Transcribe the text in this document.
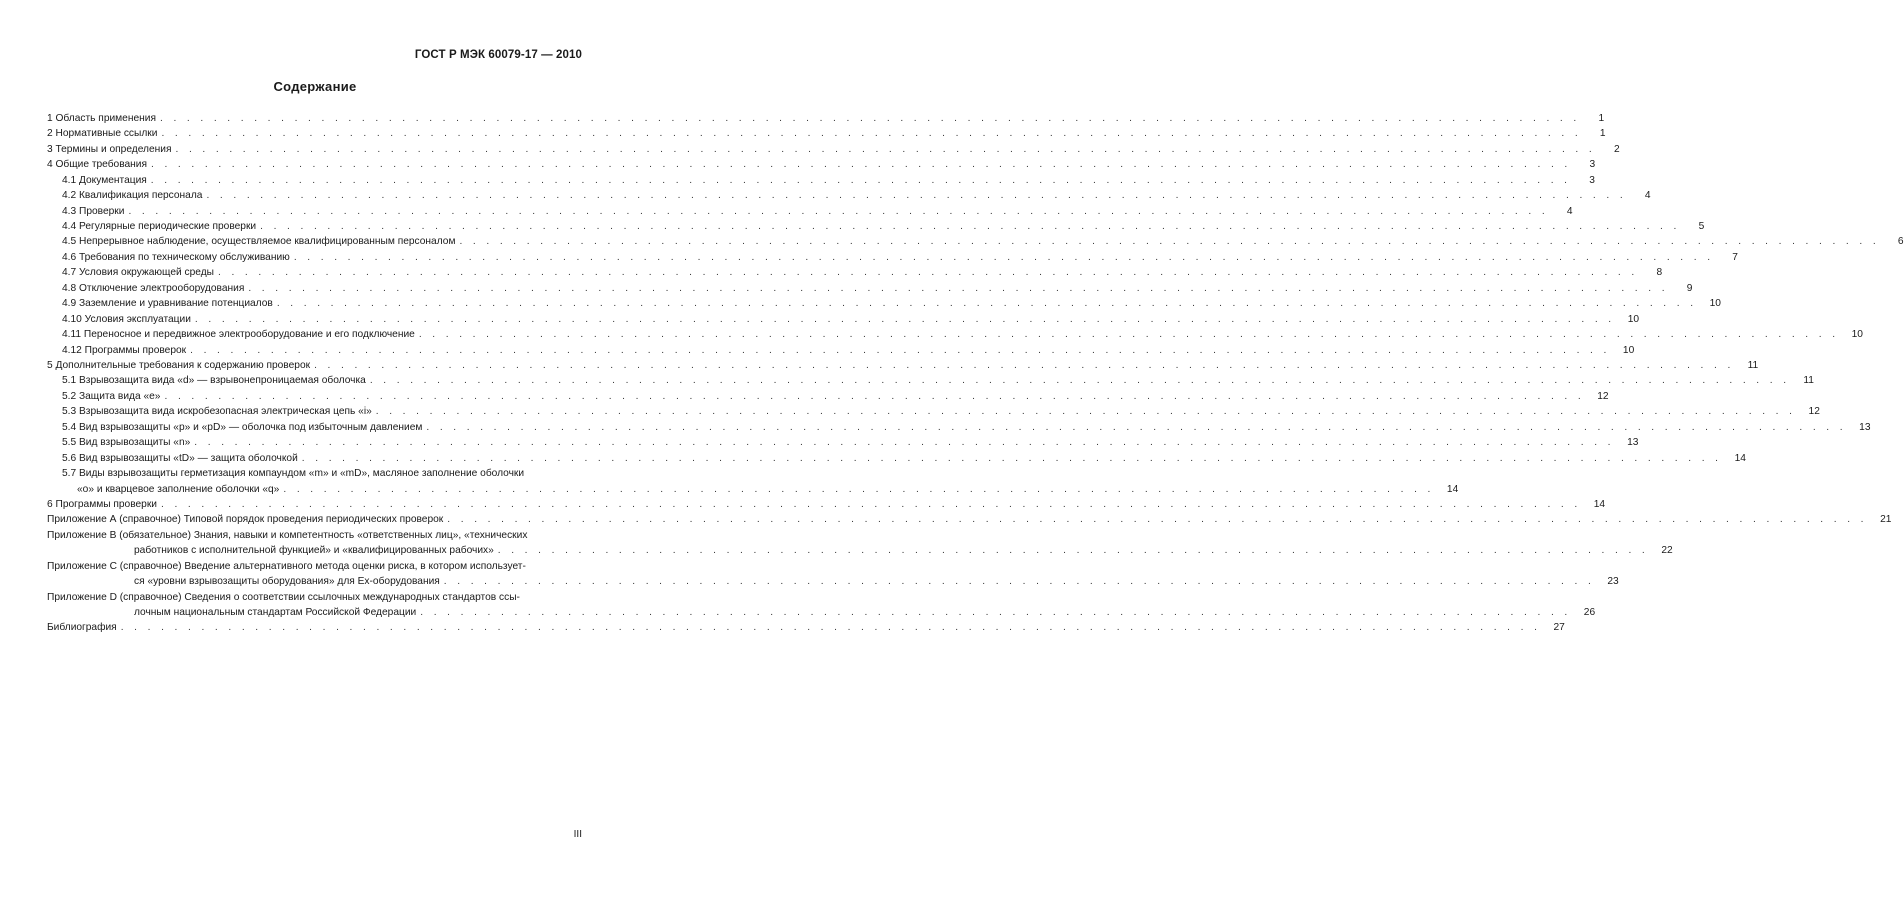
ГОСТ Р МЭК 60079-17 — 2010
Содержание
1 Область применения . . .	1
2 Нормативные ссылки . . .	1
3 Термины и определения . . .	2
4 Общие требования . . .	3
4.1 Документация . . .	3
4.2 Квалификация персонала . . .	4
4.3 Проверки . . .	4
4.4 Регулярные периодические проверки . . .	5
4.5 Непрерывное наблюдение, осуществляемое квалифицированным персоналом . . .	6
4.6 Требования по техническому обслуживанию . . .	7
4.7 Условия окружающей среды . . .	8
4.8 Отключение электрооборудования . . .	9
4.9 Заземление и уравнивание потенциалов . . .	10
4.10 Условия эксплуатации . . .	10
4.11 Переносное и передвижное электрооборудование и его подключение . . .	10
4.12 Программы проверок . . .	10
5 Дополнительные требования к содержанию проверок . . .	11
5.1 Взрывозащита вида «d» — взрывонепроницаемая оболочка . . .	11
5.2 Защита вида «е» . . .	12
5.3 Взрывозащита вида искробезопасная электрическая цепь «i» . . .	12
5.4 Вид взрывозащиты «р» и «рD» — оболочка под избыточным давлением . . .	13
5.5 Вид взрывозащиты «n» . . .	13
5.6 Вид взрывозащиты «tD» — защита оболочкой . . .	14
5.7 Виды взрывозащиты герметизация компаундом «m» и «mD», масляное заполнение оболочки
«о» и кварцевое заполнение оболочки «q» . . .	14
6 Программы проверки . . .	14
Приложение А (справочное) Типовой порядок проведения периодических проверок . . .	21
Приложение В (обязательное) Знания, навыки и компетентность «ответственных лиц», «технических
работников с исполнительной функцией» и «квалифицированных рабочих» . . .	22
Приложение С (справочное) Введение альтернативного метода оценки риска, в котором использует-
ся «уровни взрывозащиты оборудования» для Ех-оборудования . . .	23
Приложение D (справочное) Сведения о соответствии ссылочных международных стандартов ссы-
лочным национальным стандартам Российской Федерации . . .	26
Библиография . . .	27
III
